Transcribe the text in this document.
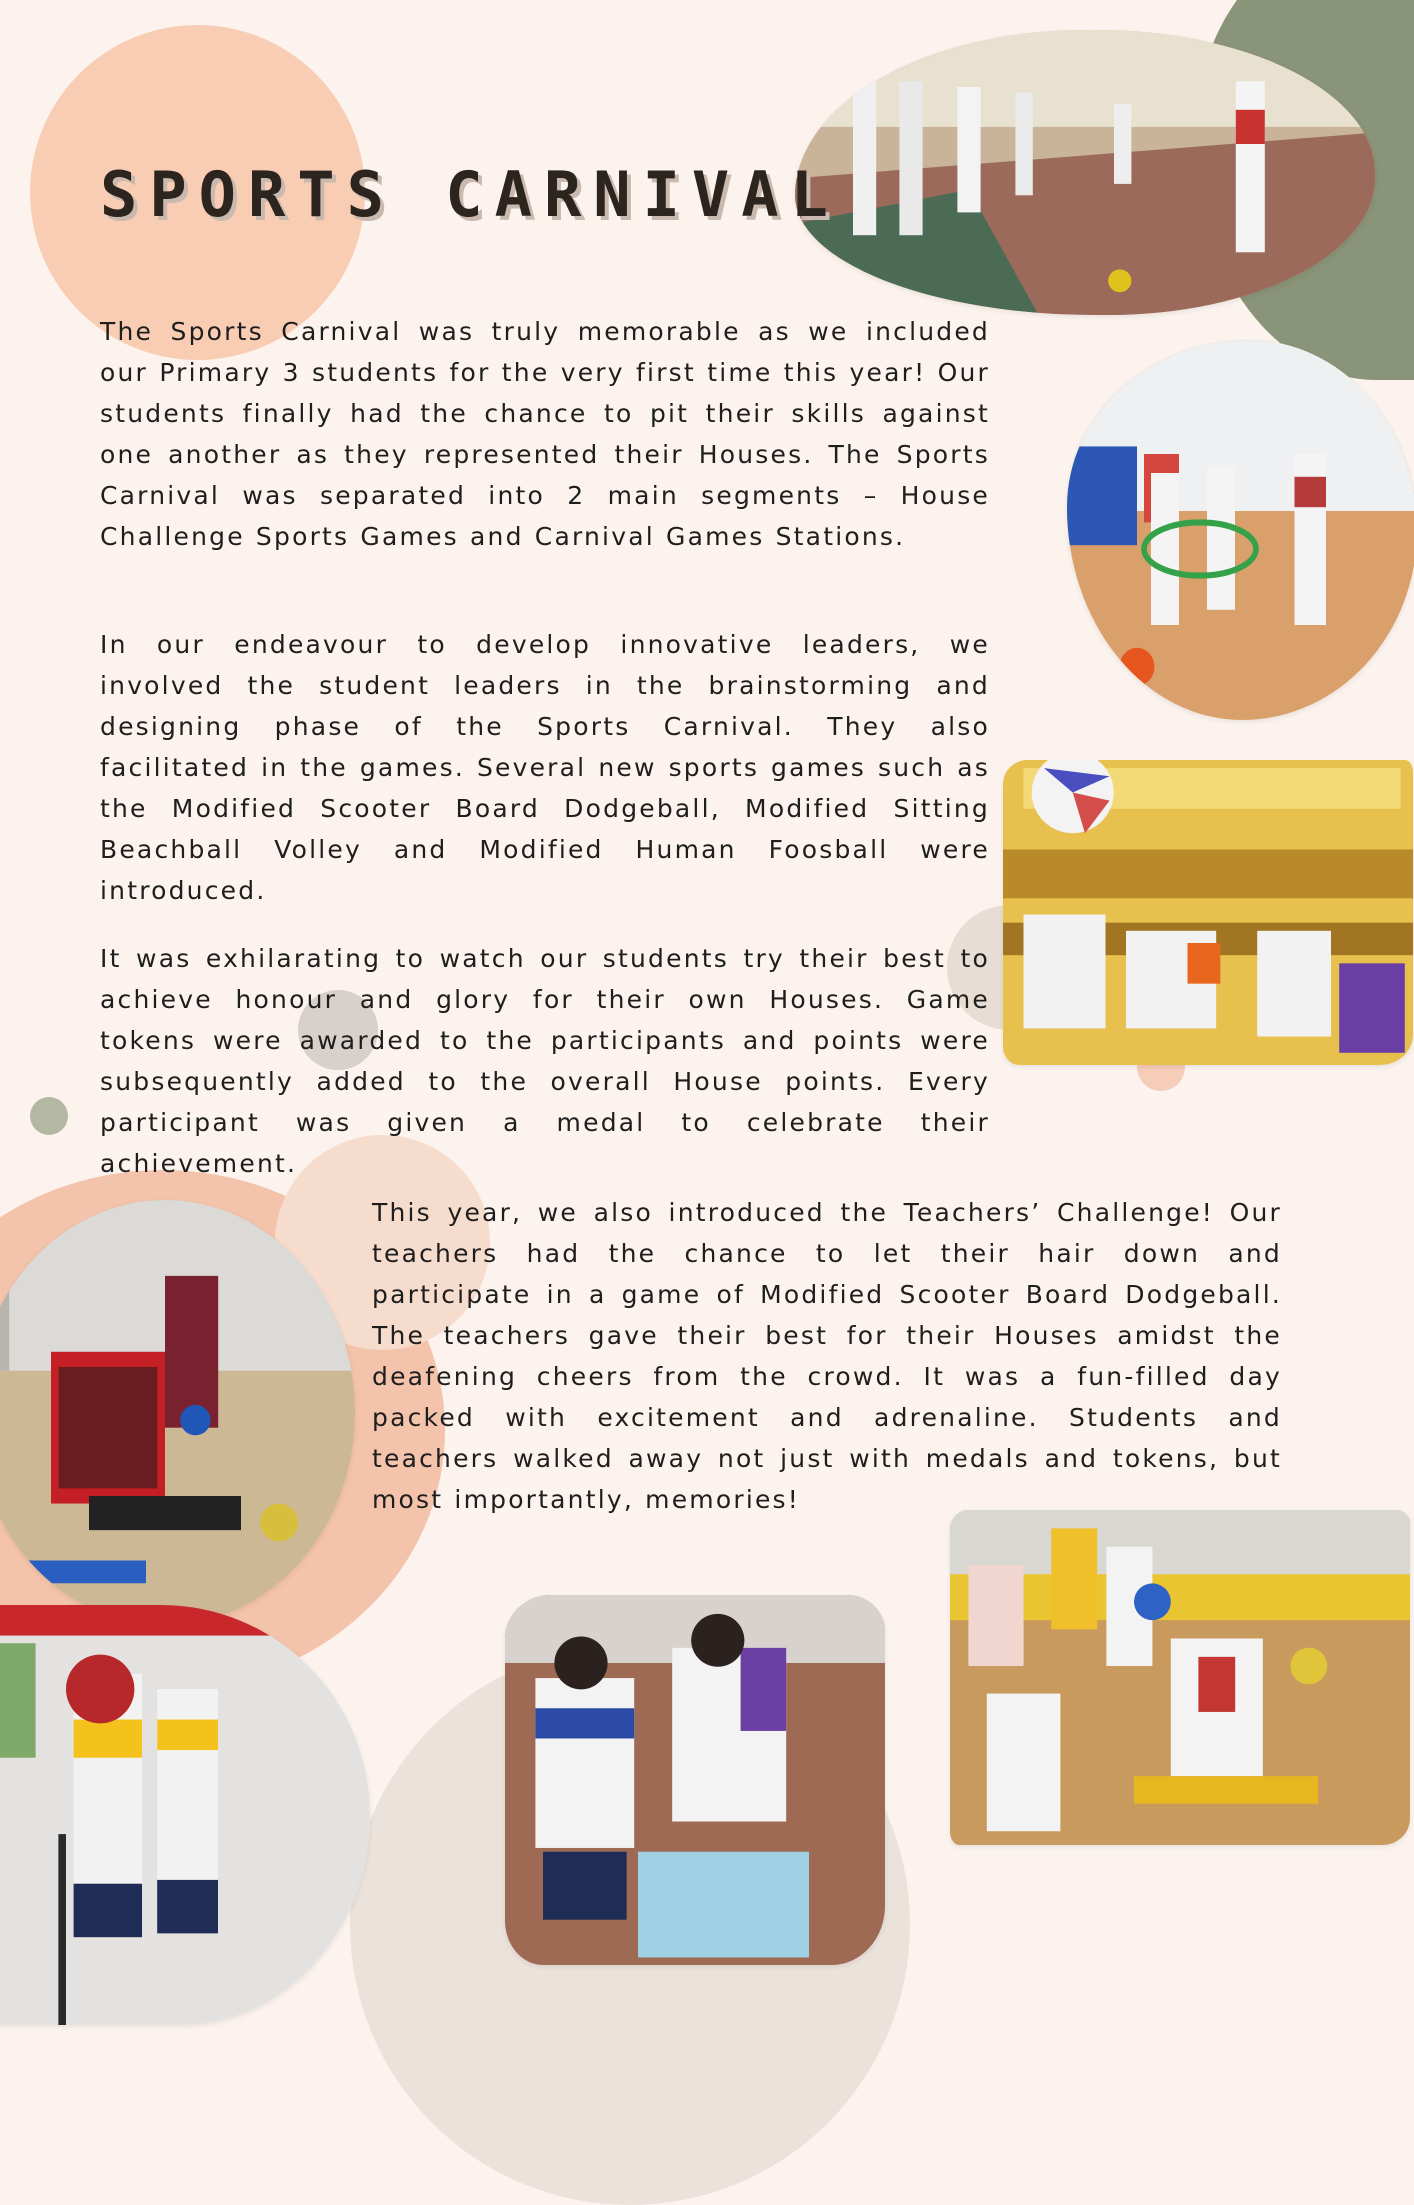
SPORTS CARNIVAL

The Sports Carnival was truly memorable as we included our Primary 3 students for the very first time this year! Our students finally had the chance to pit their skills against one another as they represented their Houses. The Sports Carnival was separated into 2 main segments – House Challenge Sports Games and Carnival Games Stations.

In our endeavour to develop innovative leaders, we involved the student leaders in the brainstorming and designing phase of the Sports Carnival. They also facilitated in the games. Several new sports games such as the Modified Scooter Board Dodgeball, Modified Sitting Beachball Volley and Modified Human Foosball were introduced.

It was exhilarating to watch our students try their best to achieve honour and glory for their own Houses. Game tokens were awarded to the participants and points were subsequently added to the overall House points. Every participant was given a medal to celebrate their achievement.

This year, we also introduced the Teachers’ Challenge! Our teachers had the chance to let their hair down and participate in a game of Modified Scooter Board Dodgeball. The teachers gave their best for their Houses amidst the deafening cheers from the crowd. It was a fun-filled day packed with excitement and adrenaline. Students and teachers walked away not just with medals and tokens, but most importantly, memories!
